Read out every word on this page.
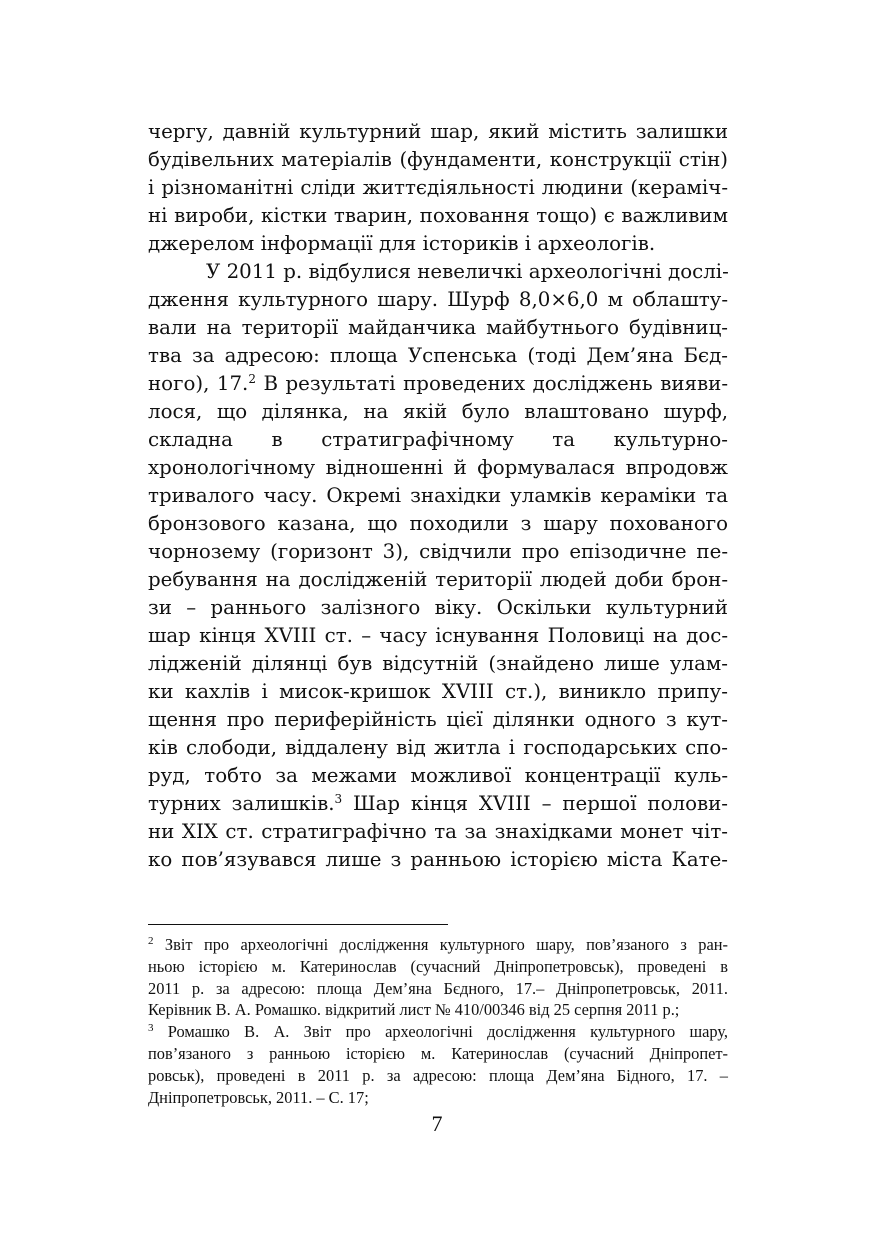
чергу, давній культурний шар, який містить залишки
будівельних матеріалів (фундаменти, конструкції стін)
і різноманітні сліди життєдіяльності людини (кераміч-
ні вироби, кістки тварин, поховання тощо) є важливим
джерелом інформації для істориків і археологів.
У 2011 р. відбулися невеличкі археологічні дослі-
дження культурного шару. Шурф 8,0×6,0 м облашту-
вали на території майданчика майбутнього будівниц-
тва за адресою: площа Успенська (тоді Дем’яна Бєд-
ного), 17.$^2$ В результаті проведених досліджень вияви-
лося, що ділянка, на якій було влаштовано шурф,
складна в стратиграфічному та культурно-
хронологічному відношенні й формувалася впродовж
тривалого часу. Окремі знахідки уламків кераміки та
бронзового казана, що походили з шару похованого
чорнозему (горизонт 3), свідчили про епізодичне пе-
ребування на дослідженій території людей доби брон-
зи – раннього залізного віку. Оскільки культурний
шар кінця XVIII ст. – часу існування Половиці на дос-
лідженій ділянці був відсутній (знайдено лише улам-
ки кахлів і мисок-кришок XVIII ст.), виникло припу-
щення про периферійність цієї ділянки одного з кут-
ків слободи, віддалену від житла і господарських спо-
руд, тобто за межами можливої концентрації куль-
турних залишків.$^3$ Шар кінця XVIII – першої полови-
ни XIX ст. стратиграфічно та за знахідками монет чіт-
ко пов’язувався лише з ранньою історією міста Кате-
$^2$ Звіт про археологічні дослідження культурного шару, пов’язаного з ран-
ньою історією м. Катеринослав (сучасний Дніпропетровськ), проведені в
2011 р. за адресою: площа Дем’яна Бєдного, 17.– Дніпропетровськ, 2011.
Керівник В. А. Ромашко. відкритий лист № 410/00346 від 25 серпня 2011 р.;
$^3$ Ромашко В. А. Звіт про археологічні дослідження культурного шару,
пов’язаного з ранньою історією м. Катеринослав (сучасний Дніпропет-
ровськ), проведені в 2011 р. за адресою: площа Дем’яна Бідного, 17. –
Дніпропетровськ, 2011. – С. 17;
7
